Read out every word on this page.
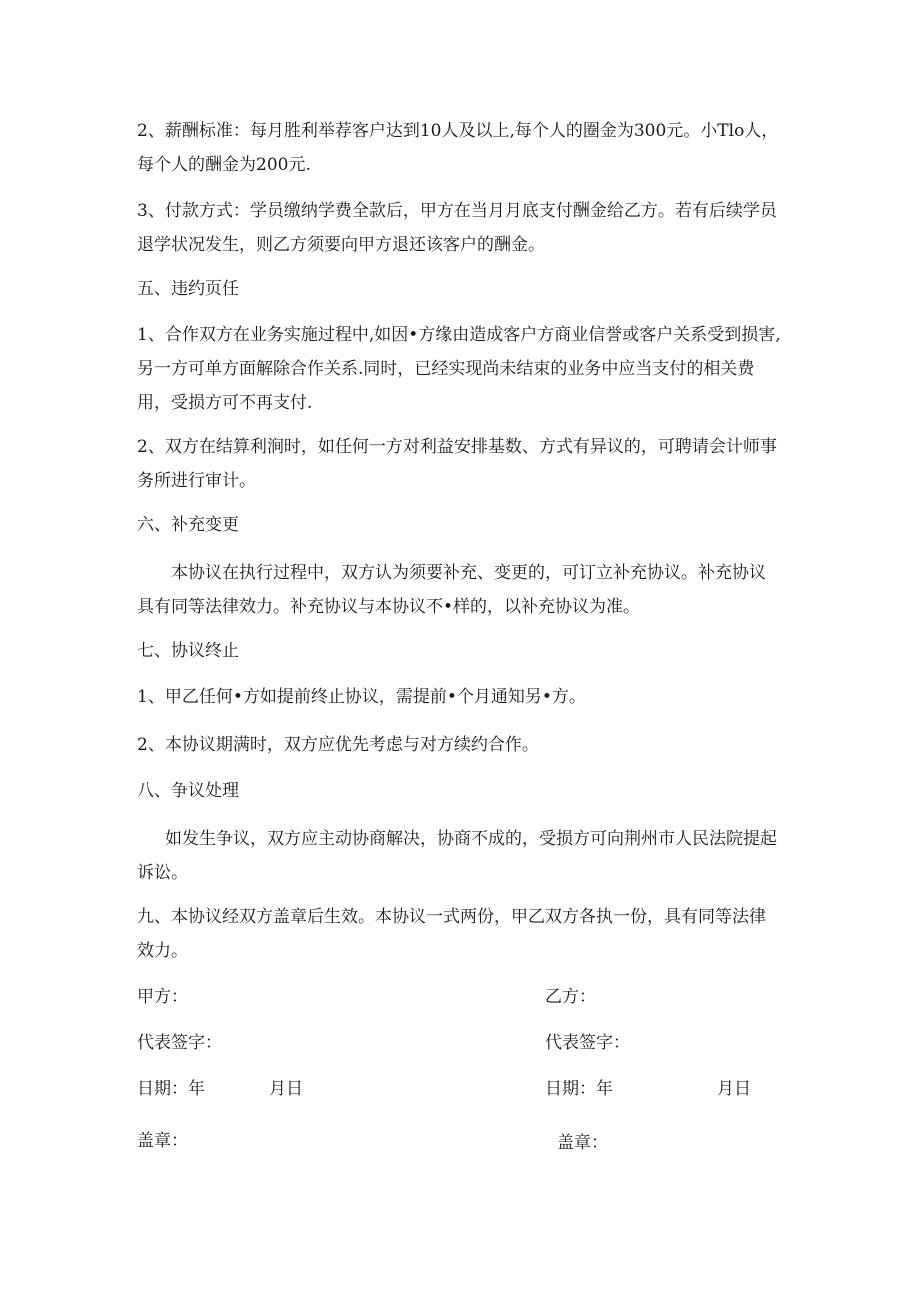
2、薪酬标准：每月胜利举荐客户达到10人及以上,每个人的圈金为300元。小Tlo人，每个人的酬金为200元.

3、付款方式：学员缴纳学费全款后，甲方在当月月底支付酬金给乙方。若有后续学员退学状况发生，则乙方须要向甲方退还该客户的酬金。

五、违约页任

1、合作双方在业务实施过程中,如因•方缘由造成客户方商业信誉或客户关系受到损害,另一方可单方面解除合作关系.同时，已经实现尚未结束的业务中应当支付的相关费用，受损方可不再支付.

2、双方在结算利涧时，如任何一方对利益安排基数、方式有异议的，可聘请会计师事务所进行审计。

六、补充变更

本协议在执行过程中，双方认为须要补充、变更的，可订立补充协议。补充协议具有同等法律效力。补充协议与本协议不•样的，以补充协议为准。

七、协议终止

1、甲乙任何•方如提前终止协议，需提前•个月通知另•方。

2、本协议期满时，双方应优先考虑与对方续约合作。

八、争议处理

如发生争议，双方应主动协商解决，协商不成的，受损方可向荆州市人民法院提起诉讼。

九、本协议经双方盖章后生效。本协议一式两份，甲乙双方各执一份，具有同等法律效力。

甲方：

代表签字：

日期：年	月日

盖章：

乙方：

代表签字：

日期：年	月日

盖章：
